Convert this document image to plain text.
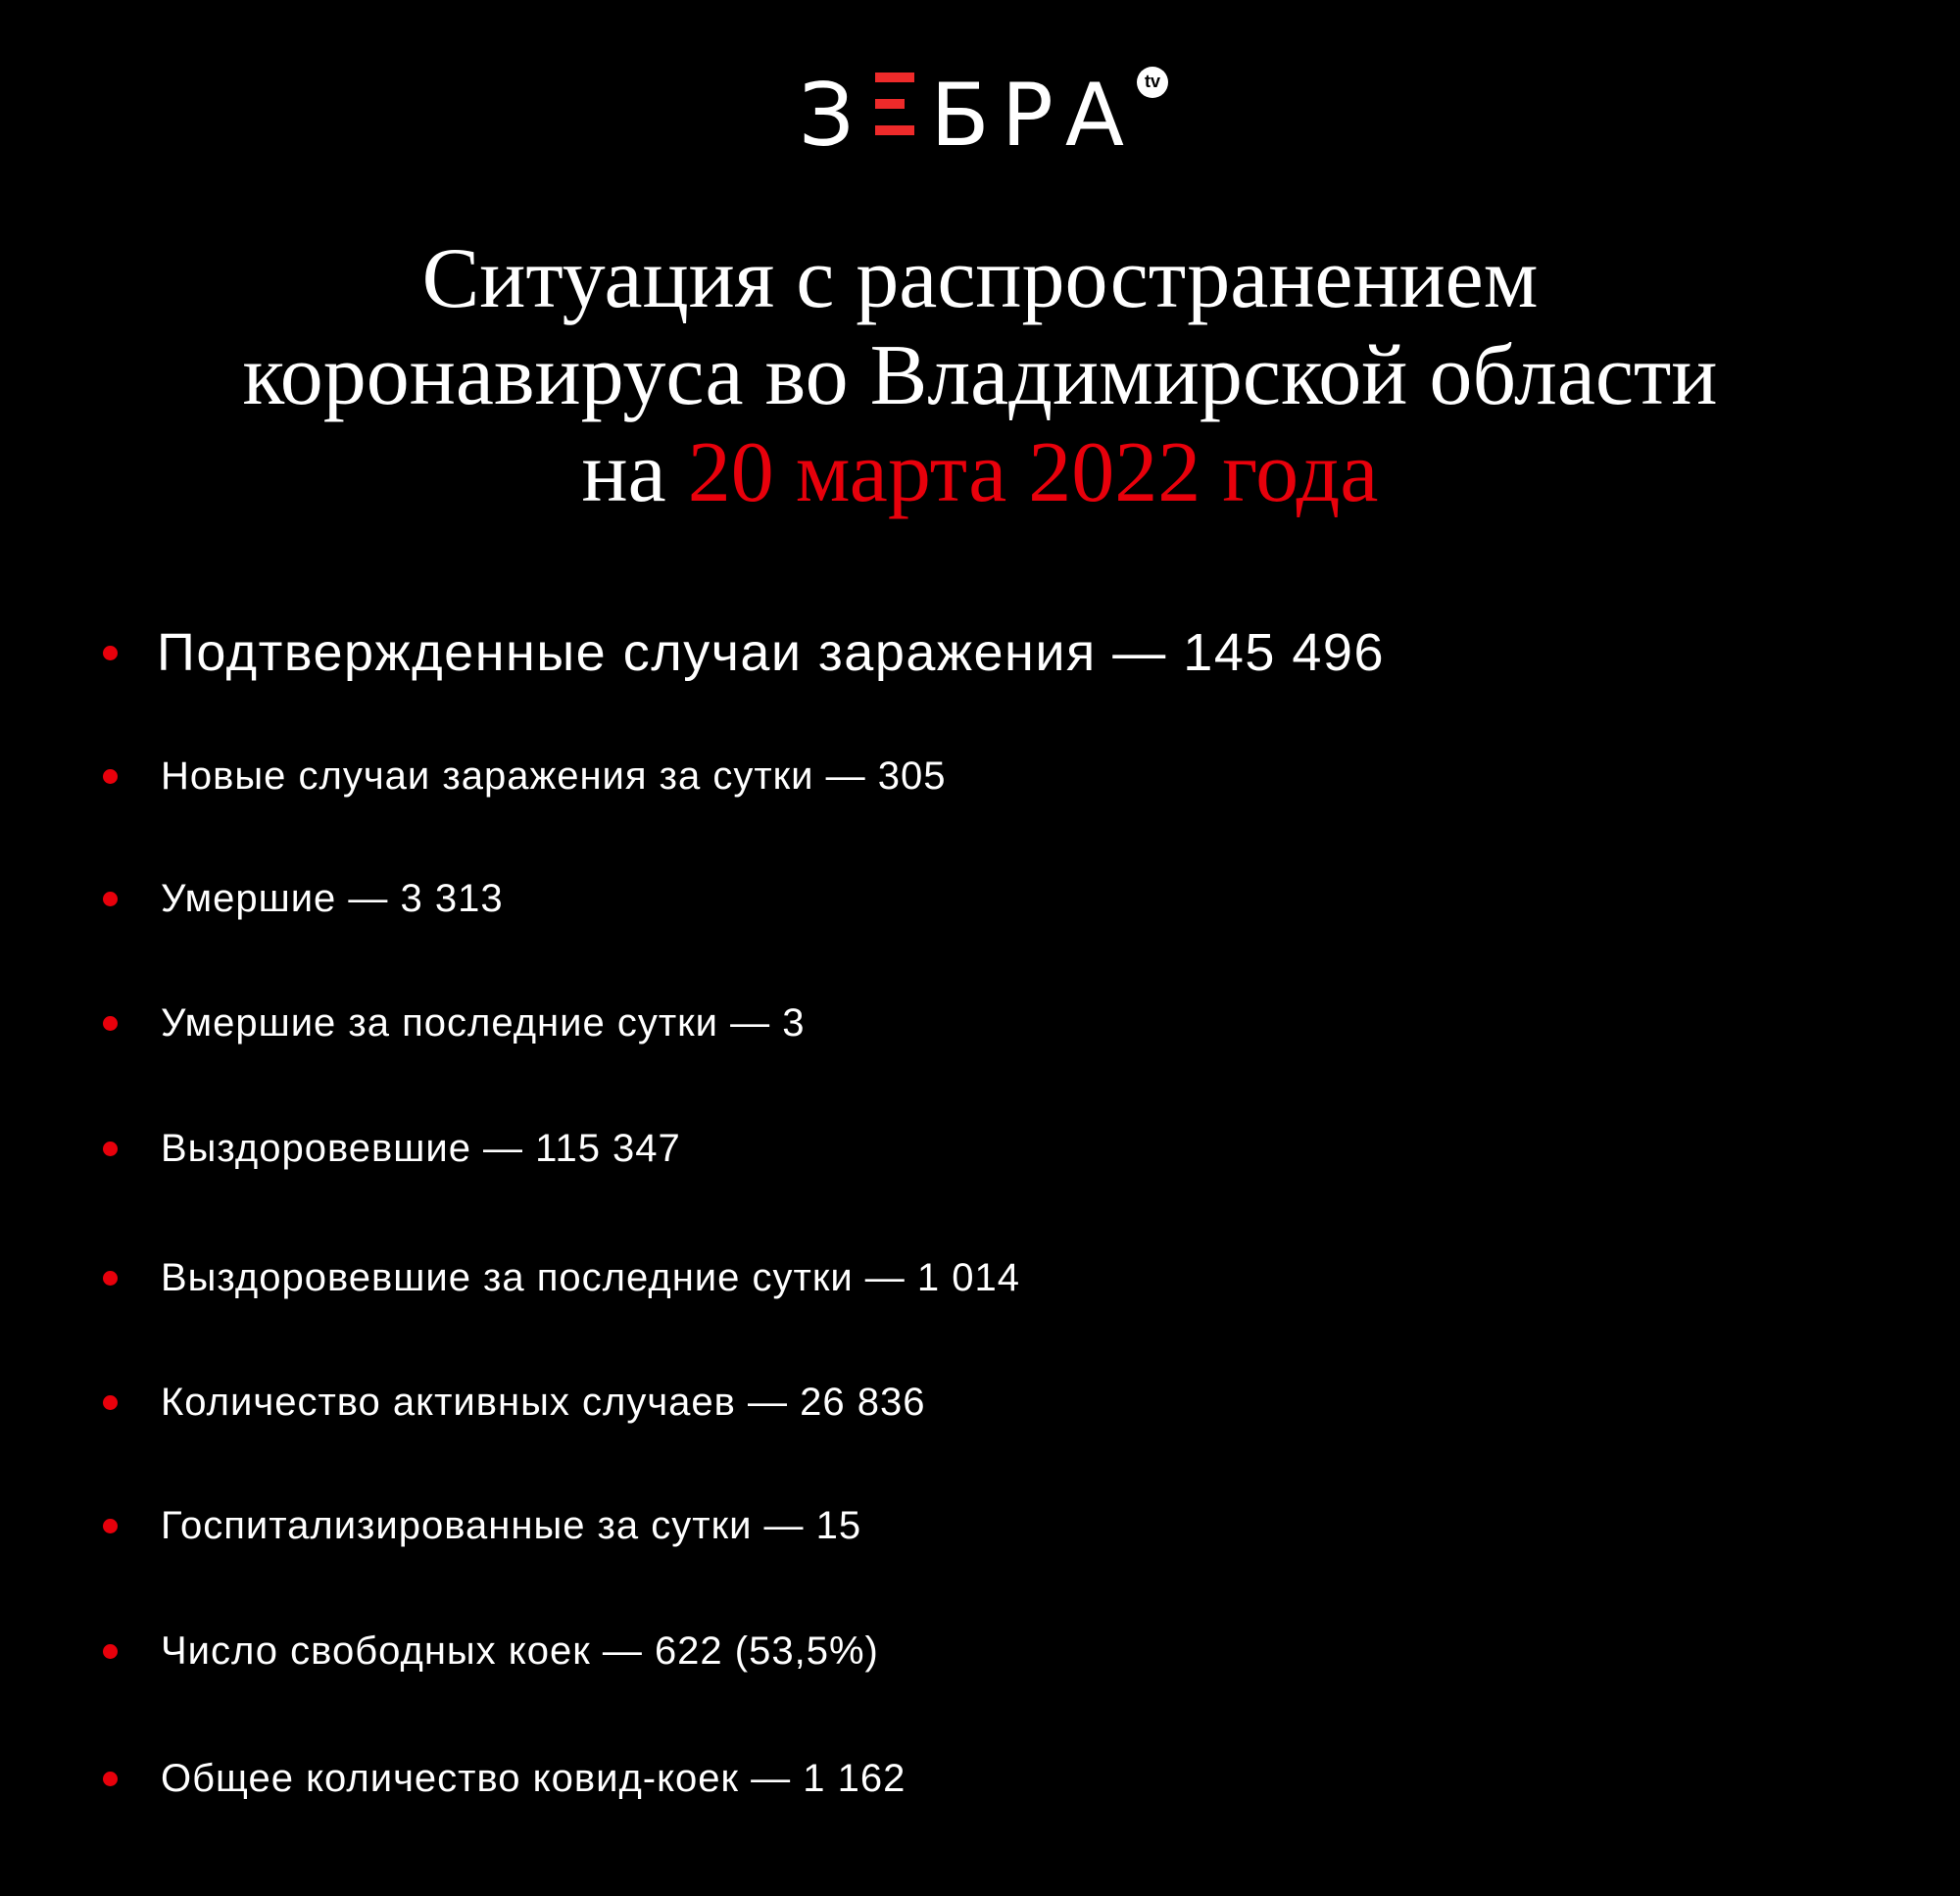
З БРА tv
Ситуация с распространением
коронавируса во Владимирской области
на 20 марта 2022 года
Подтвержденные случаи заражения — 145 496
Новые случаи заражения за сутки — 305
Умершие — 3 313
Умершие за последние сутки — 3
Выздоровевшие — 115 347
Выздоровевшие за последние сутки — 1 014
Количество активных случаев — 26 836
Госпитализированные за сутки — 15
Число свободных коек — 622 (53,5%)
Общее количество ковид-коек — 1 162
